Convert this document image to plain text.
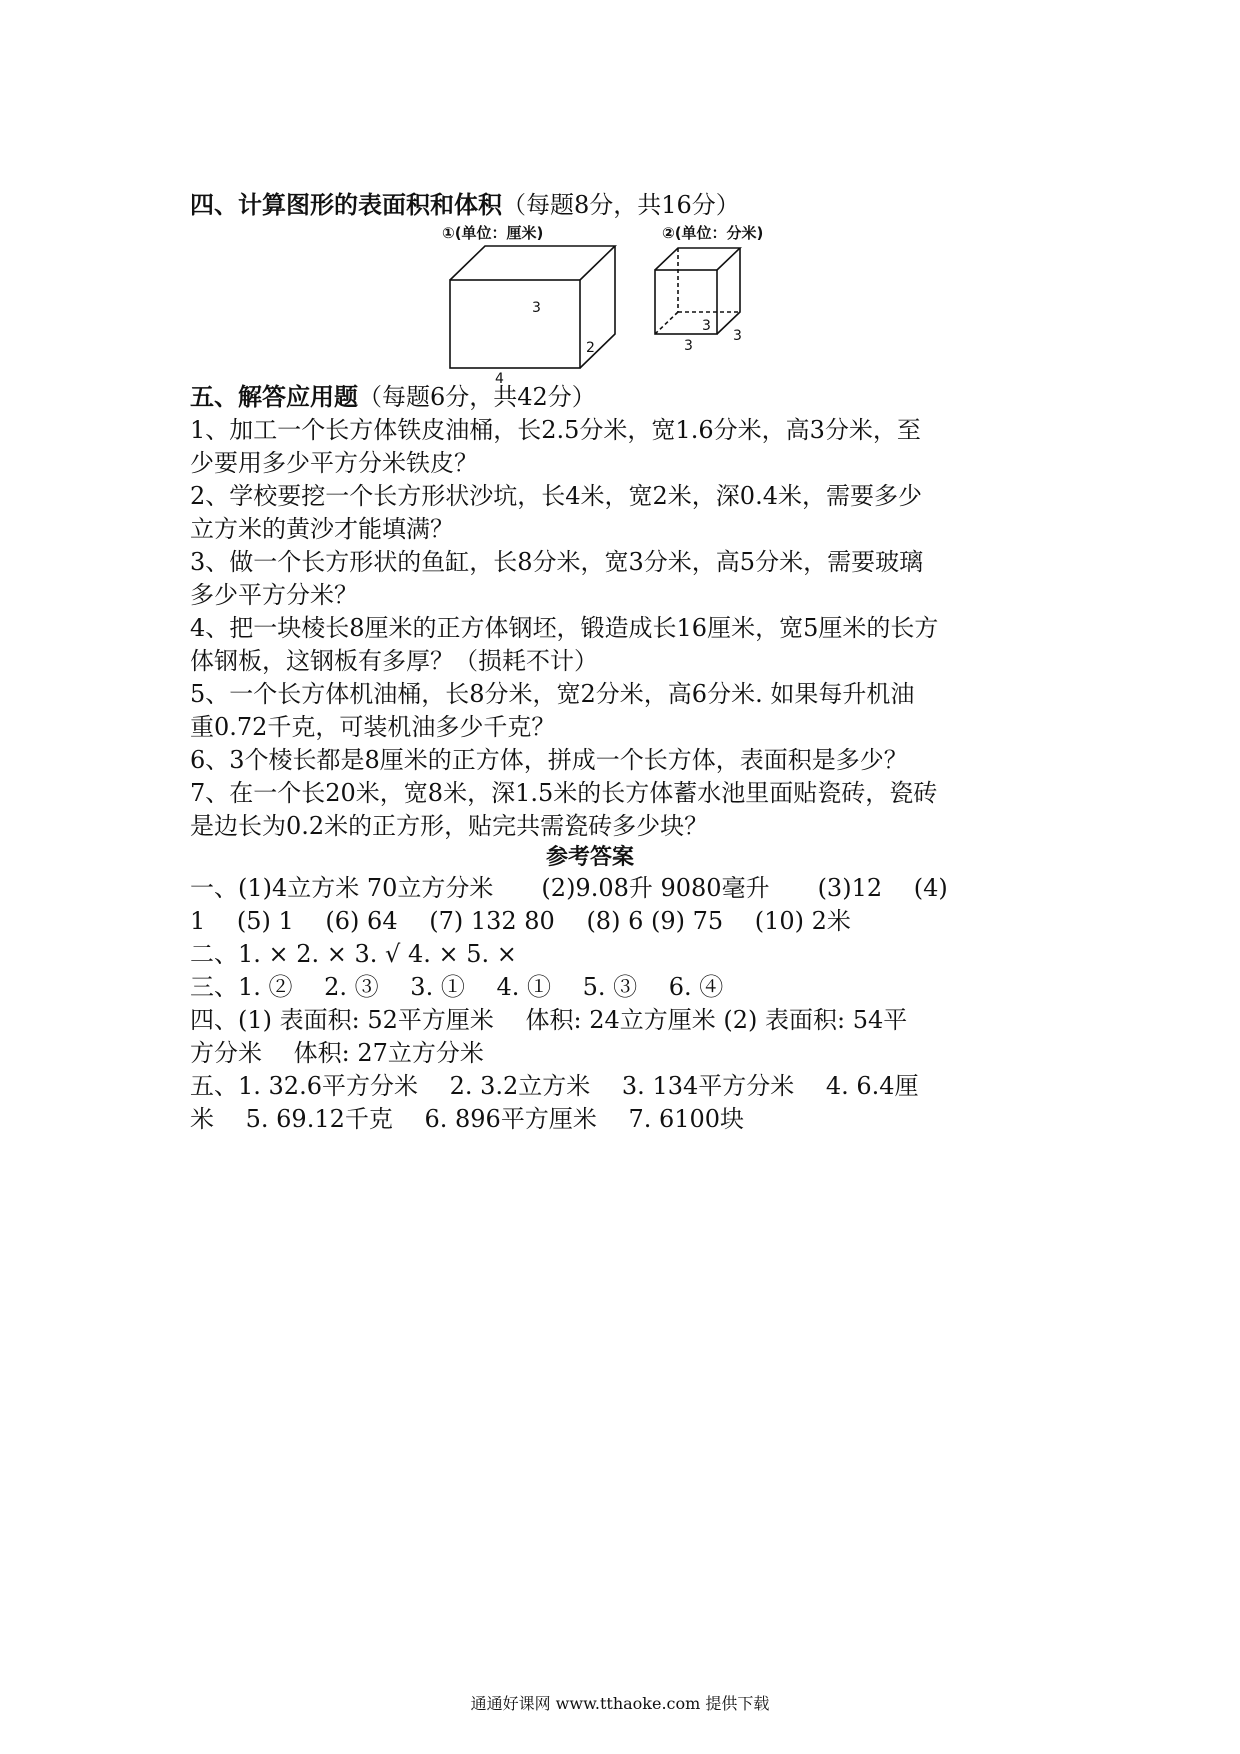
四、计算图形的表面积和体积（每题8分，共16分）
①(单位：厘米)
3
4
2
②(单位：分米)
3
3
3
五、解答应用题（每题6分，共42分）
1、加工一个长方体铁皮油桶，长2.5分米，宽1.6分米，高3分米，至
少要用多少平方分米铁皮？
2、学校要挖一个长方形状沙坑，长4米，宽2米，深0.4米，需要多少
立方米的黄沙才能填满？
3、做一个长方形状的鱼缸，长8分米，宽3分米，高5分米，需要玻璃
多少平方分米？
4、把一块棱长8厘米的正方体钢坯，锻造成长16厘米，宽5厘米的长方
体钢板，这钢板有多厚？（损耗不计）
5、一个长方体机油桶，长8分米，宽2分米，高6分米. 如果每升机油
重0.72千克，可装机油多少千克？
6、3个棱长都是8厘米的正方体，拼成一个长方体，表面积是多少？
7、在一个长20米，宽8米，深1.5米的长方体蓄水池里面贴瓷砖，瓷砖
是边长为0.2米的正方形，贴完共需瓷砖多少块？
参考答案
一、(1)4立方米 70立方分米　　(2)9.08升 9080毫升　　(3)12　 (4)
1　 (5) 1　 (6) 64　 (7) 132 80　 (8) 6 (9) 75　 (10) 2米
二、1. × 2. × 3. √ 4. × 5. ×
三、1. ②　 2. ③　 3. ①　 4. ①　 5. ③　 6. ④
四、(1) 表面积: 52平方厘米　 体积: 24立方厘米 (2) 表面积: 54平
方分米　 体积: 27立方分米
五、1. 32.6平方分米　 2. 3.2立方米　 3. 134平方分米　 4. 6.4厘
米　 5. 69.12千克　 6. 896平方厘米　 7. 6100块
通通好课网 www.tthaoke.com 提供下载
